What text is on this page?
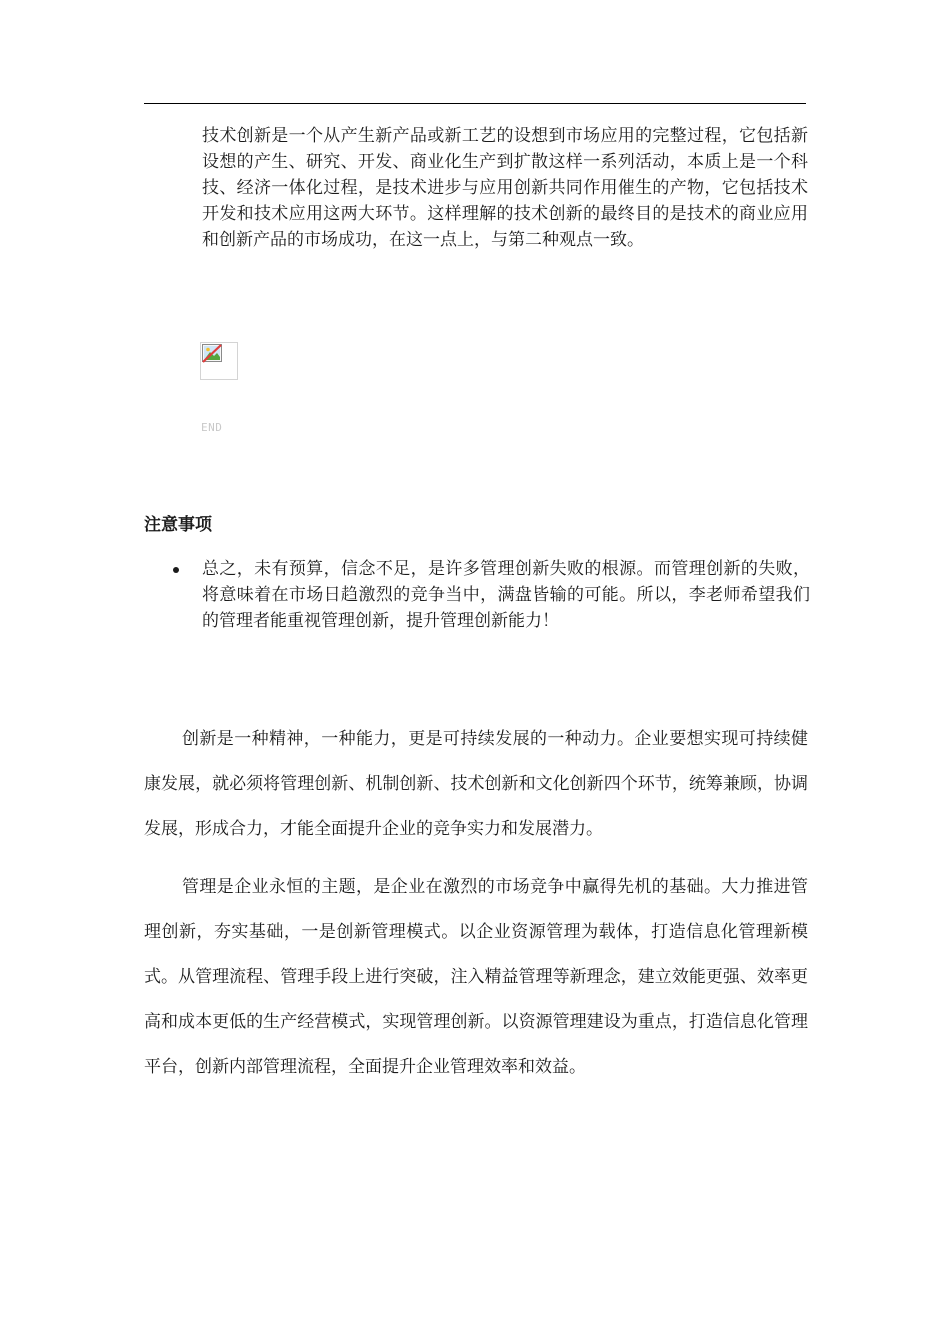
技术创新是一个从产生新产品或新工艺的设想到市场应用的完整过程，它包括新设想的产生、研究、开发、商业化生产到扩散这样一系列活动，本质上是一个科技、经济一体化过程，是技术进步与应用创新共同作用催生的产物，它包括技术开发和技术应用这两大环节。这样理解的技术创新的最终目的是技术的商业应用和创新产品的市场成功，在这一点上，与第二种观点一致。

END
注意事项
总之，未有预算，信念不足，是许多管理创新失败的根源。而管理创新的失败，将意味着在市场日趋激烈的竞争当中，满盘皆输的可能。所以，李老师希望我们的管理者能重视管理创新，提升管理创新能力！

创新是一种精神，一种能力，更是可持续发展的一种动力。企业要想实现可持续健康发展，就必须将管理创新、机制创新、技术创新和文化创新四个环节，统筹兼顾，协调发展，形成合力，才能全面提升企业的竞争实力和发展潜力。

管理是企业永恒的主题，是企业在激烈的市场竞争中赢得先机的基础。大力推进管理创新，夯实基础，一是创新管理模式。以企业资源管理为载体，打造信息化管理新模式。从管理流程、管理手段上进行突破，注入精益管理等新理念，建立效能更强、效率更高和成本更低的生产经营模式，实现管理创新。以资源管理建设为重点，打造信息化管理平台，创新内部管理流程，全面提升企业管理效率和效益。
